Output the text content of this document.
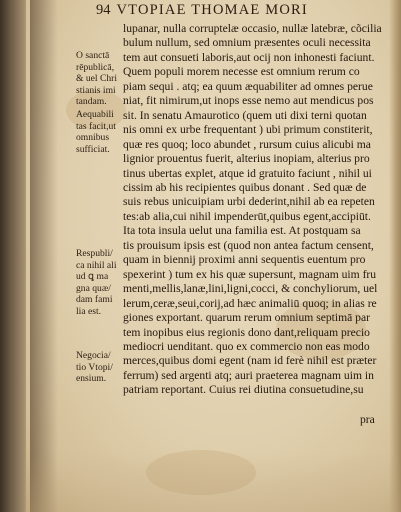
94 VTOPIAE THOMAE MORI
O sanctā
rēpublicā,
& uel Chri
stianis imi
tandam.
Aequabili
tas facit,ut
omnibus
sufficiat.
Respubli/
ca nihil ali
ud ꝗ ma
gna quæ/
dam fami
lia est.
Negocia/
tio Vtopi/
ensium.
lupanar, nulla corruptelæ occasio, nullæ latebræ, cõcilia
bulum nullum, sed omnium præsentes oculi necessita
tem aut consueti laboris,aut ocij non inhonesti faciunt.
Quem populi morem necesse est omnium rerum co
piam sequi . atq; ea quum æquabiliter ad omnes perue
niat, fit nimirum,ut inops esse nemo aut mendicus pos
sit. In senatu Amaurotico (quem uti dixi terni quotan
nis omni ex urbe frequentant ) ubi primum constiterit,
quæ res quoq; loco abundet , rursum cuius alicubi ma
lignior prouentus fuerit, alterius inopiam, alterius pro
tinus ubertas explet, atque id gratuito faciunt , nihil ui
cissim ab his recipientes quibus donant . Sed quæ de
suis rebus unicuipiam urbi dederint,nihil ab ea repeten
tes:ab alia,cui nihil impenderūt,quibus egent,accipiūt.
Ita tota insula uelut una familia est. At postquam sa
tis prouisum ipsis est (quod non antea factum censent,
quam in biennij proximi anni sequentis euentum pro
spexerint ) tum ex his quæ supersunt, magnam uim fru
menti,mellis,lanæ,lini,ligni,cocci, & conchyliorum, uel
lerum,ceræ,seui,corij,ad hæc animaliū quoq; in alias re
giones exportant. quarum rerum omnium septimā par
tem inopibus eius regionis dono dant,reliquam precio
mediocri uenditant. quo ex commercio non eas modo
merces,quibus domi egent (nam id ferè nihil est præter
ferrum) sed argenti atq; auri praeterea magnam uim in
patriam reportant. Cuius rei diutina consuetudine,su
pra
